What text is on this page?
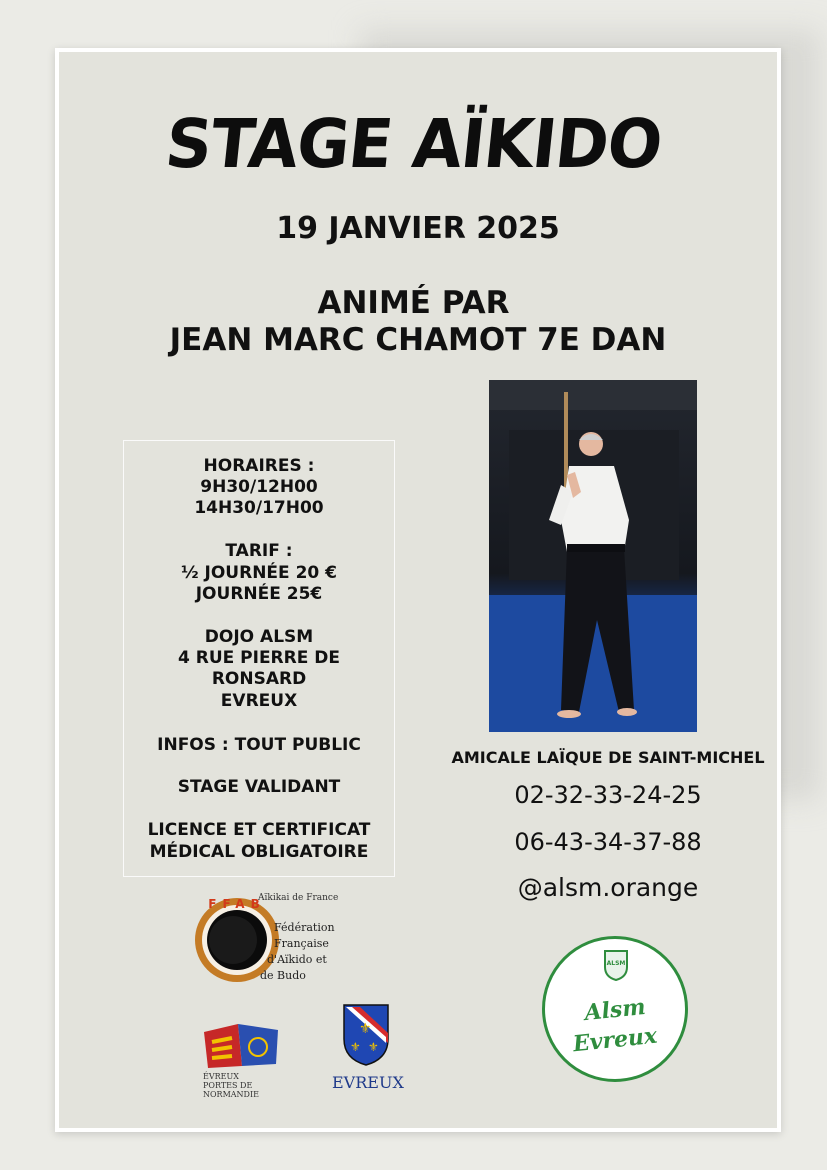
STAGE AÏKIDO
19 JANVIER 2025
ANIMÉ PAR
JEAN MARC CHAMOT 7E DAN
HORAIRES :
9H30/12H00
14H30/17H00
TARIF :
½ JOURNÉE 20 €
JOURNÉE 25€
DOJO ALSM
4 RUE PIERRE DE
RONSARD
EVREUX
INFOS : TOUT PUBLIC
STAGE VALIDANT
LICENCE ET CERTIFICAT
MÉDICAL OBLIGATOIRE
AMICALE LAÏQUE DE SAINT-MICHEL
02-32-33-24-25
06-43-34-37-88
@alsm.orange
FFAB
Aïkikai de France
Fédération
Française
d'Aïkido et
de Budo
ÉVREUX
PORTES DE NORMANDIE
⚜
⚜ ⚜
EVREUX
ALSM
Alsm
Evreux
